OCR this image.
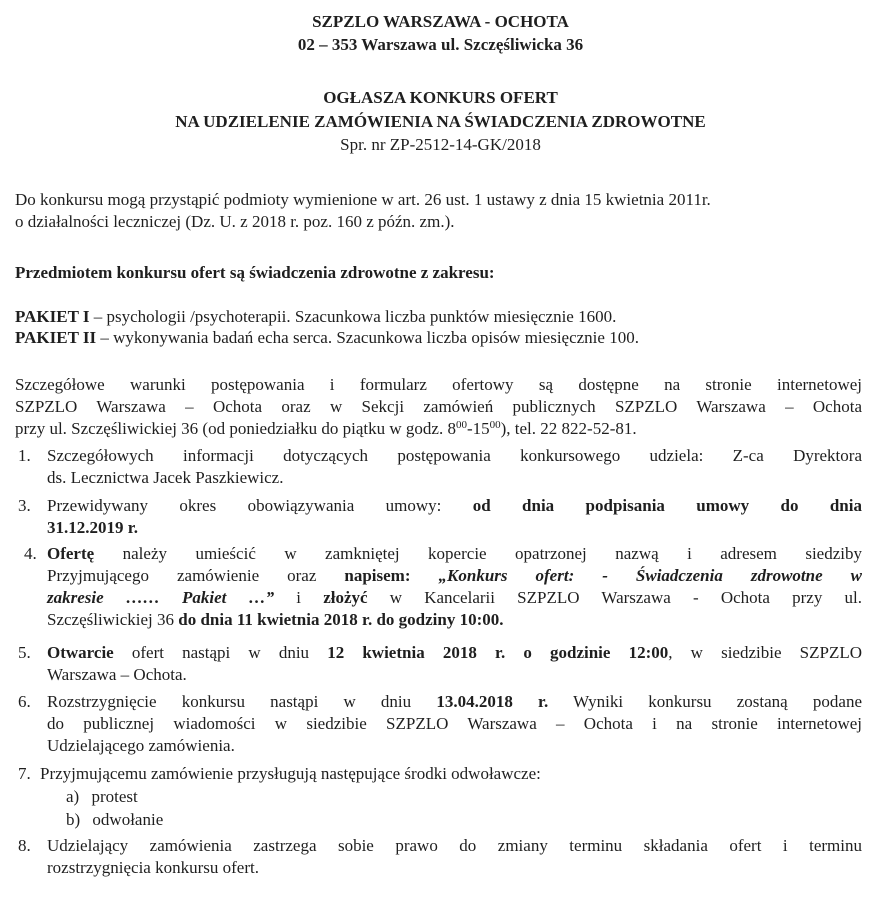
SZPZLO WARSZAWA - OCHOTA
02 – 353 Warszawa ul. Szczęśliwicka 36
OGŁASZA KONKURS OFERT
NA UDZIELENIE ZAMÓWIENIA NA ŚWIADCZENIA ZDROWOTNE
Spr. nr ZP-2512-14-GK/2018
Do konkursu mogą przystąpić podmioty wymienione w art. 26 ust. 1 ustawy z dnia 15 kwietnia 2011r.
o działalności leczniczej (Dz. U. z 2018 r. poz. 160 z późn. zm.).
Przedmiotem konkursu ofert są świadczenia zdrowotne z zakresu:
PAKIET I – psychologii /psychoterapii. Szacunkowa liczba punktów miesięcznie 1600.
PAKIET II – wykonywania badań echa serca. Szacunkowa liczba opisów miesięcznie 100.
Szczegółowe warunki postępowania i formularz ofertowy są dostępne na stronie internetowej
SZPZLO Warszawa – Ochota oraz w Sekcji zamówień publicznych SZPZLO Warszawa – Ochota
przy ul. Szczęśliwickiej 36 (od poniedziałku do piątku w godz. $8^{00}-15^{00}$), tel. 22 822-52-81.
1. Szczegółowych informacji dotyczących postępowania konkursowego udziela: Z-ca Dyrektora
ds. Lecznictwa Jacek Paszkiewicz.
3. Przewidywany okres obowiązywania umowy: od dnia podpisania umowy do dnia
31.12.2019 r.
4. Ofertę należy umieścić w zamkniętej kopercie opatrzonej nazwą i adresem siedziby
Przyjmującego zamówienie oraz napisem: „Konkurs ofert: - Świadczenia zdrowotne w
zakresie …… Pakiet …” i złożyć w Kancelarii SZPZLO Warszawa - Ochota przy ul.
Szczęśliwickiej 36 do dnia 11 kwietnia 2018 r. do godziny 10:00.
5. Otwarcie ofert nastąpi w dniu 12 kwietnia 2018 r. o godzinie 12:00, w siedzibie SZPZLO
Warszawa – Ochota.
6. Rozstrzygnięcie konkursu nastąpi w dniu 13.04.2018 r. Wyniki konkursu zostaną podane
do publicznej wiadomości w siedzibie SZPZLO Warszawa – Ochota i na stronie internetowej
Udzielającego zamówienia.
7. Przyjmującemu zamówienie przysługują następujące środki odwoławcze:
a) protest
b) odwołanie
8. Udzielający zamówienia zastrzega sobie prawo do zmiany terminu składania ofert i terminu
rozstrzygnięcia konkursu ofert.
